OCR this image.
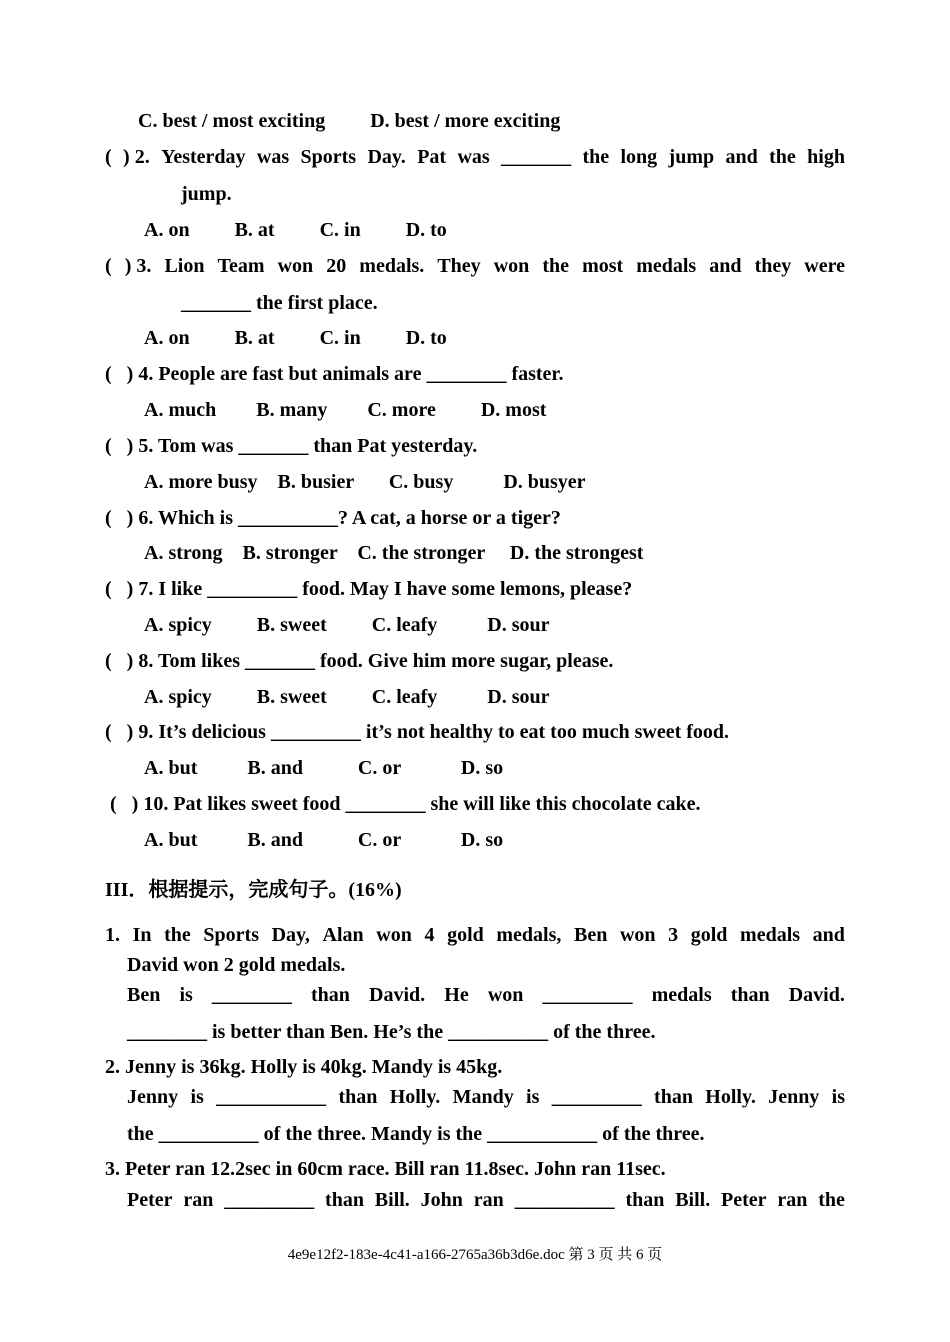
C. best / most exciting         D. best / more exciting
( ) 2. Yesterday was Sports Day. Pat was _______ the long jump and the high
jump.
A. on         B. at         C. in         D. to
( ) 3. Lion Team won 20 medals. They won the most medals and they were
_______ the first place.
A. on         B. at         C. in         D. to
(   ) 4. People are fast but animals are ________ faster.
A. much        B. many        C. more         D. most
(   ) 5. Tom was _______ than Pat yesterday.
A. more busy    B. busier       C. busy          D. busyer
(   ) 6. Which is __________? A cat, a horse or a tiger?
A. strong    B. stronger    C. the stronger     D. the strongest
(   ) 7. I like _________ food. May I have some lemons, please?
A. spicy         B. sweet         C. leafy          D. sour
(   ) 8. Tom likes _______ food. Give him more sugar, please.
A. spicy         B. sweet         C. leafy          D. sour
(   ) 9. It’s delicious _________ it’s not healthy to eat too much sweet food.
A. but          B. and           C. or            D. so
(   ) 10. Pat likes sweet food ________ she will like this chocolate cake.
A. but          B. and           C. or            D. so
III．根据提示，完成句子。(16%)
1. In the Sports Day, Alan won 4 gold medals, Ben won 3 gold medals and
David won 2 gold medals.
Ben is ________ than David. He won _________ medals than David.
________ is better than Ben. He’s the __________ of the three.
2. Jenny is 36kg. Holly is 40kg. Mandy is 45kg.
Jenny is ___________ than Holly. Mandy is _________ than Holly. Jenny is
the __________ of the three. Mandy is the ___________ of the three.
3. Peter ran 12.2sec in 60cm race. Bill ran 11.8sec. John ran 11sec.
Peter ran _________ than Bill. John ran __________ than Bill. Peter ran the
4e9e12f2-183e-4c41-a166-2765a36b3d6e.doc 第 3 页 共 6 页
